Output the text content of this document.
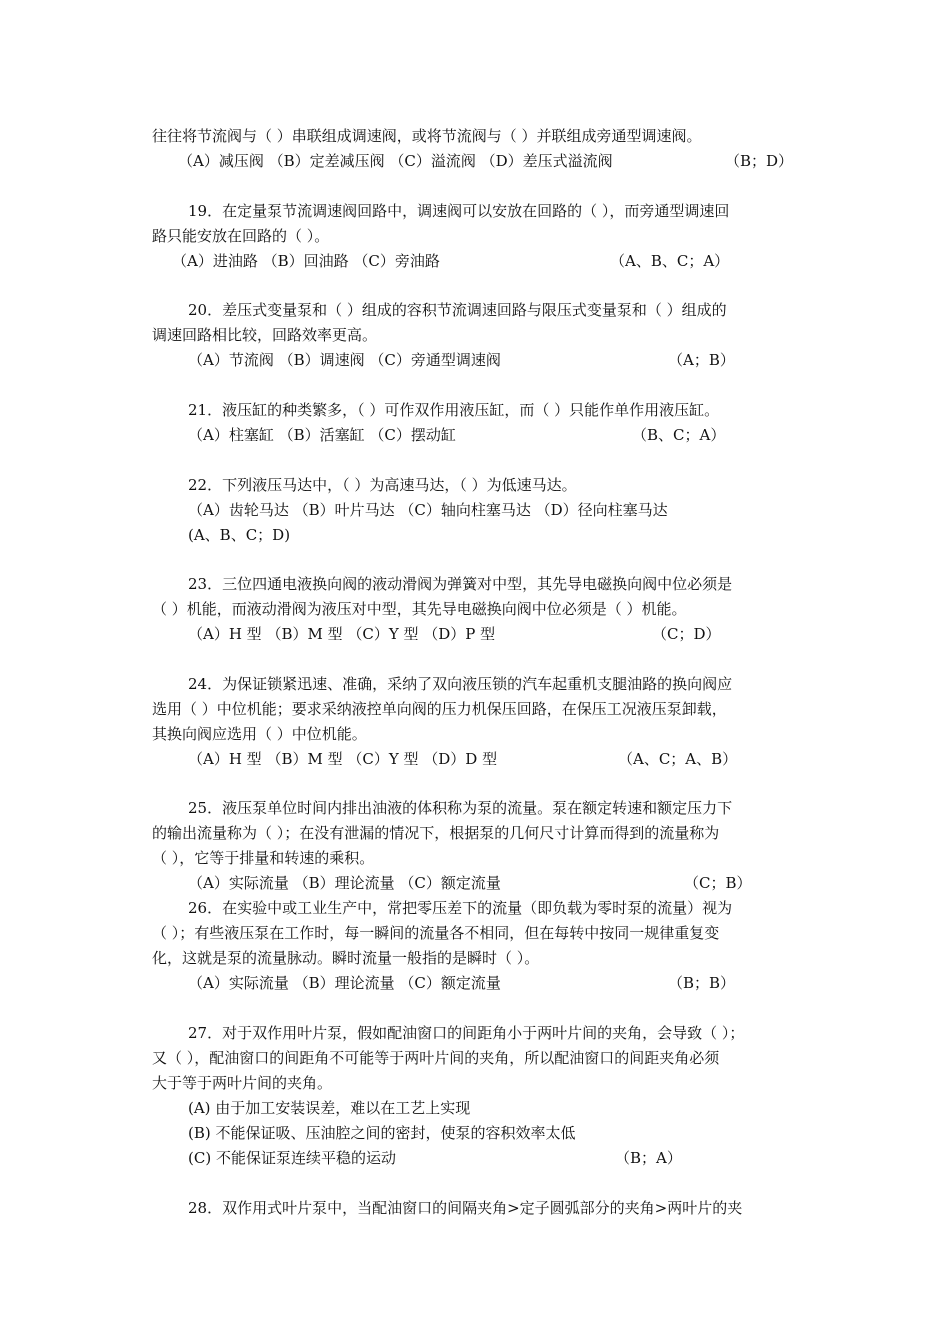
往往将节流阀与（ ）串联组成调速阀，或将节流阀与（ ）并联组成旁通型调速阀。
（A）减压阀 （B）定差减压阀 （C）溢流阀 （D）差压式溢流阀	（B；D）
19．在定量泵节流调速阀回路中，调速阀可以安放在回路的（ ），而旁通型调速回
路只能安放在回路的（ ）。
（A）进油路 （B）回油路 （C）旁油路	（A、B、C；A）
20．差压式变量泵和（ ）组成的容积节流调速回路与限压式变量泵和（ ）组成的
调速回路相比较，回路效率更高。
（A）节流阀 （B）调速阀 （C）旁通型调速阀	（A；B）
21．液压缸的种类繁多，（ ）可作双作用液压缸，而（ ）只能作单作用液压缸。
（A）柱塞缸 （B）活塞缸 （C）摆动缸	（B、C；A）
22．下列液压马达中，（ ）为高速马达，（ ）为低速马达。
（A）齿轮马达 （B）叶片马达 （C）轴向柱塞马达 （D）径向柱塞马达
(A、B、C；D)
23．三位四通电液换向阀的液动滑阀为弹簧对中型，其先导电磁换向阀中位必须是
（ ）机能，而液动滑阀为液压对中型，其先导电磁换向阀中位必须是（ ）机能。
（A）H 型 （B）M 型 （C）Y 型 （D）P 型	（C；D）
24．为保证锁紧迅速、准确，采纳了双向液压锁的汽车起重机支腿油路的换向阀应
选用（ ）中位机能；要求采纳液控单向阀的压力机保压回路，在保压工况液压泵卸载，
其换向阀应选用（ ）中位机能。
（A）H 型 （B）M 型 （C）Y 型 （D）D 型	（A、C；A、B）
25．液压泵单位时间内排出油液的体积称为泵的流量。泵在额定转速和额定压力下
的输出流量称为（ ）；在没有泄漏的情况下，根据泵的几何尺寸计算而得到的流量称为
（ ），它等于排量和转速的乘积。
（A）实际流量 （B）理论流量 （C）额定流量	（C；B）
26．在实验中或工业生产中，常把零压差下的流量（即负载为零时泵的流量）视为
（ ）；有些液压泵在工作时，每一瞬间的流量各不相同，但在每转中按同一规律重复变
化，这就是泵的流量脉动。瞬时流量一般指的是瞬时（ ）。
（A）实际流量 （B）理论流量 （C）额定流量	（B；B）
27．对于双作用叶片泵，假如配油窗口的间距角小于两叶片间的夹角，会导致（ ）；
又（ ），配油窗口的间距角不可能等于两叶片间的夹角，所以配油窗口的间距夹角必须
大于等于两叶片间的夹角。
(A) 由于加工安装误差，难以在工艺上实现
(B) 不能保证吸、压油腔之间的密封，使泵的容积效率太低
(C) 不能保证泵连续平稳的运动	（B；A）
28．双作用式叶片泵中，当配油窗口的间隔夹角>定子圆弧部分的夹角>两叶片的夹
